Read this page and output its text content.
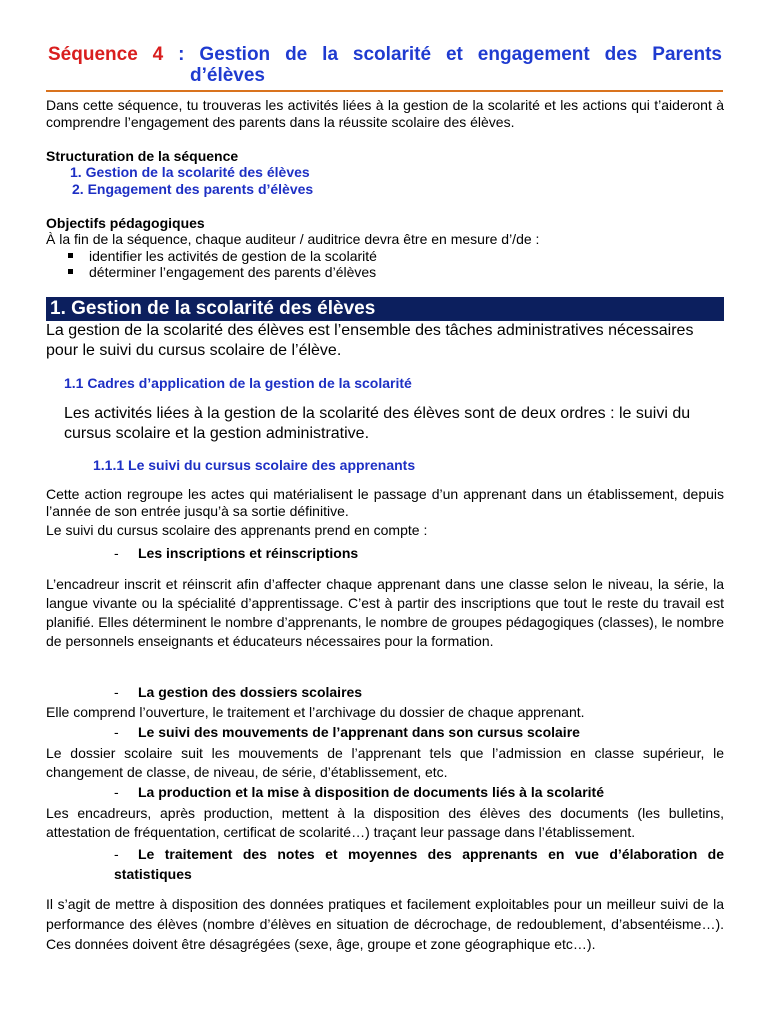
Séquence 4 : Gestion de la scolarité et engagement des Parents
d’élèves
Dans cette séquence, tu trouveras les activités liées à la gestion de la scolarité et les actions qui t’aideront à comprendre l’engagement des parents dans la réussite scolaire des élèves.
Structuration de la séquence
1. Gestion de la scolarité des élèves
2. Engagement des parents d’élèves
Objectifs pédagogiques
À la fin de la séquence, chaque auditeur / auditrice devra être en mesure d’/de :
identifier les activités de gestion de la scolarité
déterminer l’engagement des parents d’élèves
1. Gestion de la scolarité des élèves
La gestion de la scolarité des élèves est l’ensemble des tâches administratives nécessaires pour le suivi du cursus scolaire de l’élève.
1.1 Cadres d’application de la gestion de la scolarité
Les activités liées à la gestion de la scolarité des élèves sont de deux ordres : le suivi du cursus scolaire et la gestion administrative.
1.1.1 Le suivi du cursus scolaire des apprenants
Cette action regroupe les actes qui matérialisent le passage d’un apprenant dans un établissement, depuis l’année de son entrée jusqu’à sa sortie définitive.
Le suivi du cursus scolaire des apprenants prend en compte :
- Les inscriptions et réinscriptions
L’encadreur inscrit et réinscrit afin d’affecter chaque apprenant dans une classe selon le niveau, la série, la langue vivante ou la spécialité d’apprentissage. C’est à partir des inscriptions que tout le reste du travail est planifié. Elles déterminent le nombre d’apprenants, le nombre de groupes pédagogiques (classes), le nombre de personnels enseignants et éducateurs nécessaires pour la formation.
- La gestion des dossiers scolaires
Elle comprend l’ouverture, le traitement et l’archivage du dossier de chaque apprenant.
- Le suivi des mouvements de l’apprenant dans son cursus scolaire
Le dossier scolaire suit les mouvements de l’apprenant tels que l’admission en classe supérieur, le changement de classe, de niveau, de série, d’établissement, etc.
- La production et la mise à disposition de documents liés à la scolarité
Les encadreurs, après production, mettent à la disposition des élèves des documents (les bulletins, attestation de fréquentation, certificat de scolarité…) traçant leur passage dans l’établissement.
- Le traitement des notes et moyennes des apprenants en vue d’élaboration de statistiques
Il s’agit de mettre à disposition des données pratiques et facilement exploitables pour un meilleur suivi de la performance des élèves (nombre d’élèves en situation de décrochage, de redoublement, d’absentéisme…). Ces données doivent être désagrégées (sexe, âge, groupe et zone géographique etc…).
